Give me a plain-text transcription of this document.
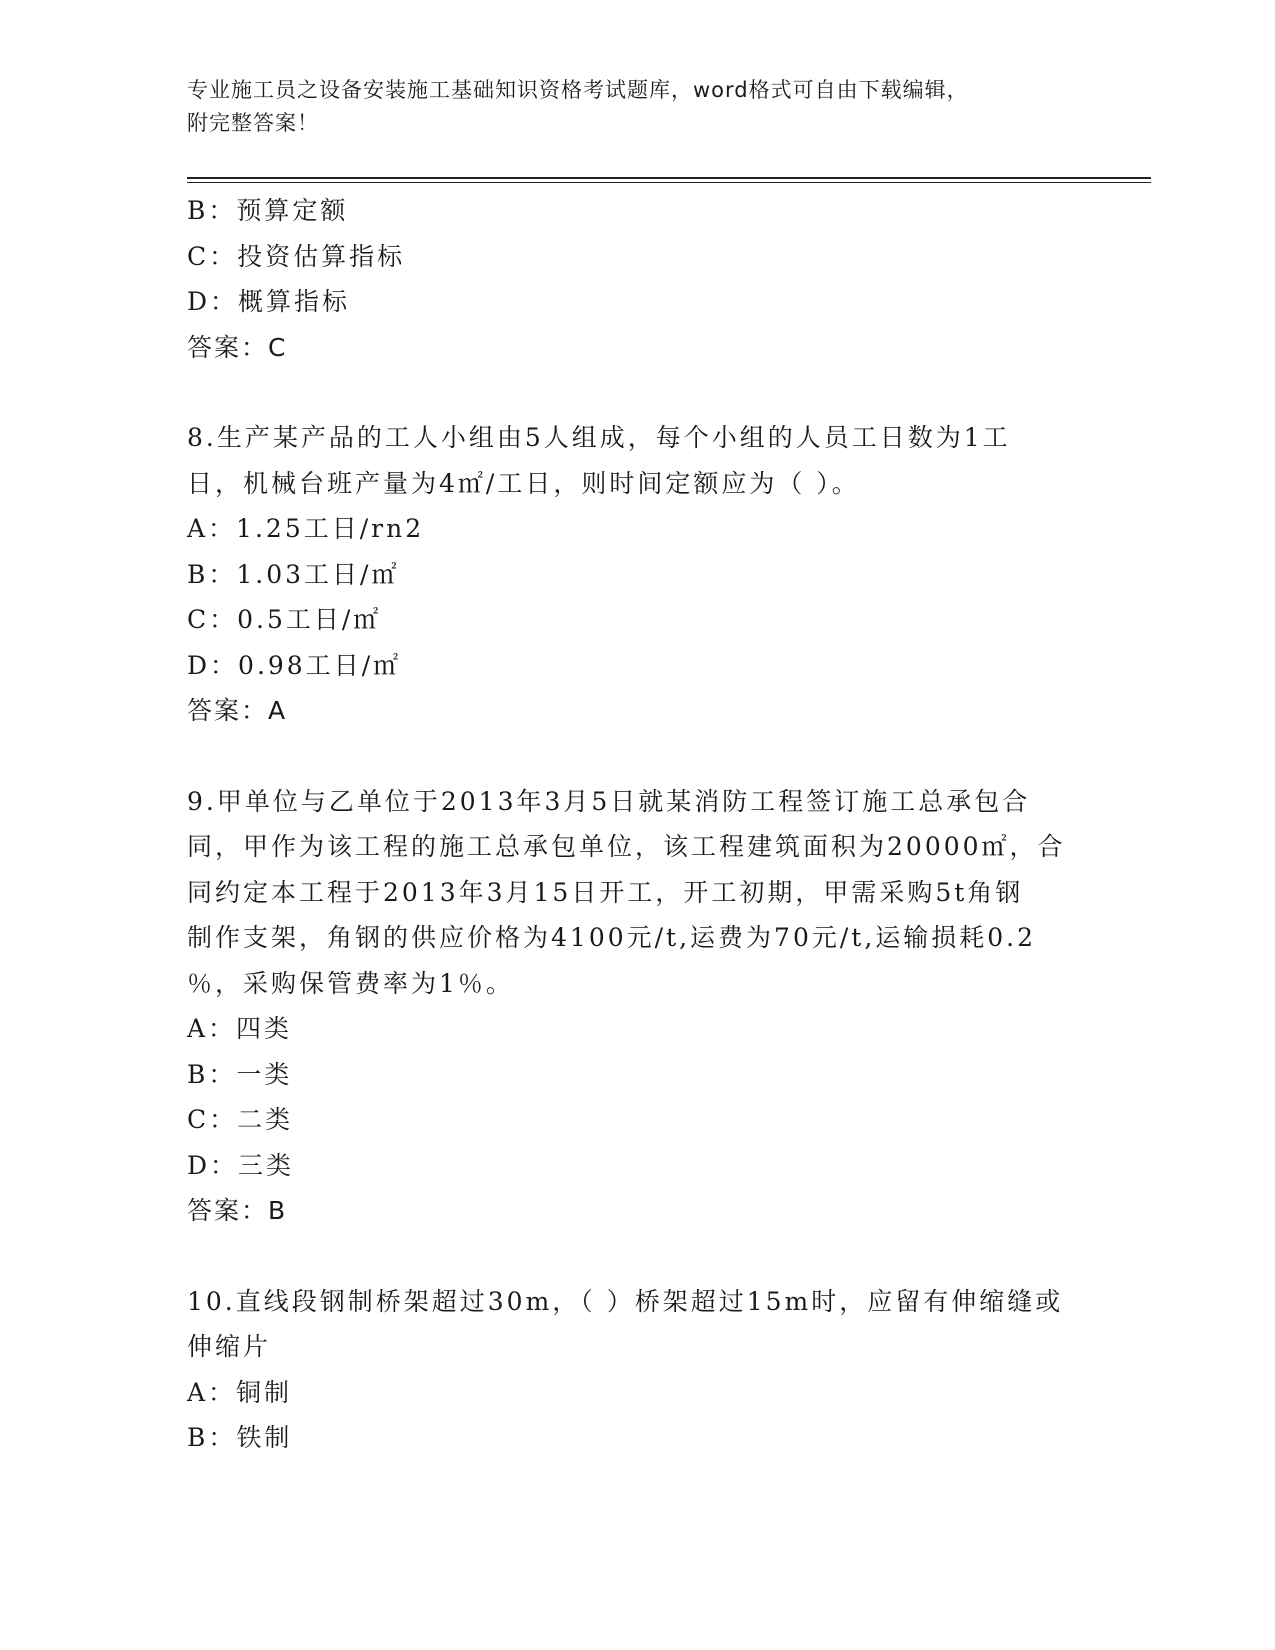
专业施工员之设备安装施工基础知识资格考试题库，word格式可自由下载编辑，

附完整答案！

B：预算定额
C：投资估算指标
D：概算指标
答案：C
8.生产某产品的工人小组由5人组成，每个小组的人员工日数为1工
日，机械台班产量为4㎡/工日，则时间定额应为（ ）。
A：1.25工日/rn2
B：1.03工日/㎡
C：0.5工日/㎡
D：0.98工日/㎡
答案：A
9.甲单位与乙单位于2013年3月5日就某消防工程签订施工总承包合
同，甲作为该工程的施工总承包单位，该工程建筑面积为20000㎡，合
同约定本工程于2013年3月15日开工，开工初期，甲需采购5t角钢
制作支架，角钢的供应价格为4100元/t,运费为70元/t,运输损耗0.2
％，采购保管费率为1％。
A：四类
B：一类
C：二类
D：三类
答案：B
10.直线段钢制桥架超过30m，（ ）桥架超过15m时，应留有伸缩缝或
伸缩片
A：铜制
B：铁制
